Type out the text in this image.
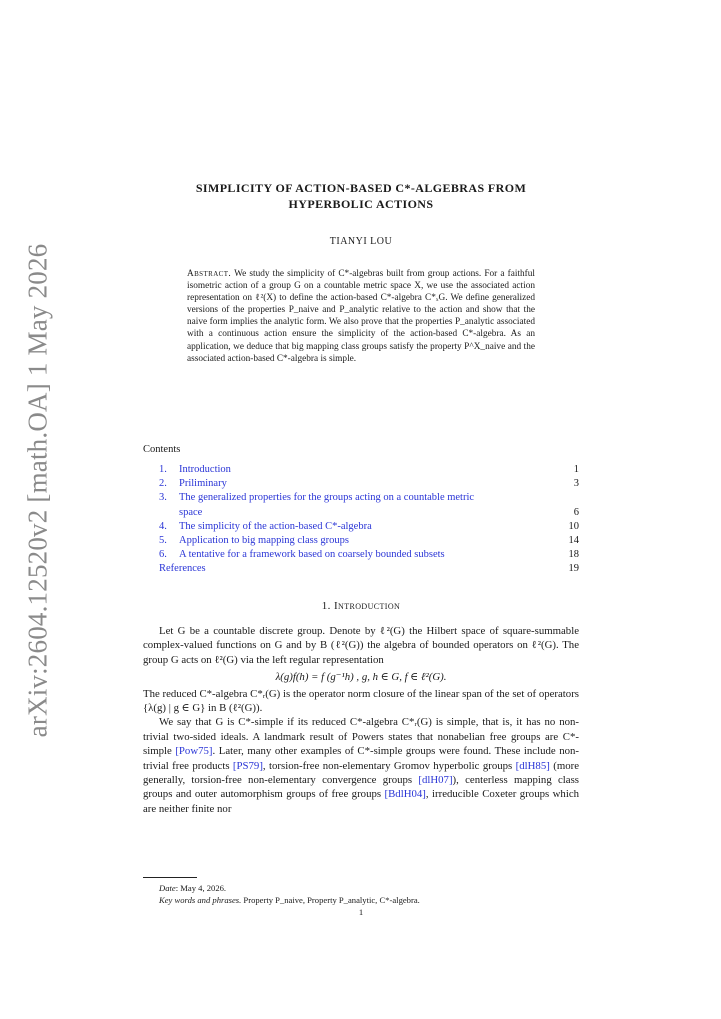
arXiv:2604.12520v2 [math.OA] 1 May 2026
SIMPLICITY OF ACTION-BASED C*-ALGEBRAS FROM
HYPERBOLIC ACTIONS
TIANYI LOU
Abstract. We study the simplicity of C*-algebras built from group actions. For a faithful isometric action of a group G on a countable metric space X, we use the associated action representation on ℓ²(X) to define the action-based C*-algebra C*ₓG. We define generalized versions of the properties P_naive and P_analytic relative to the action and show that the naive form implies the analytic form. We also prove that the properties P_analytic associated with a continuous action ensure the simplicity of the action-based C*-algebra. As an application, we deduce that big mapping class groups satisfy the property P^X_naive and the associated action-based C*-algebra is simple.
Contents
1. Introduction	1
2. Priliminary	3
3. The generalized properties for the groups acting on a countable metric
space	6
4. The simplicity of the action-based C*-algebra	10
5. Application to big mapping class groups	14
6. A tentative for a framework based on coarsely bounded subsets	18
References	19
1. Introduction

Let G be a countable discrete group. Denote by ℓ²(G) the Hilbert space of square-summable complex-valued functions on G and by B (ℓ²(G)) the algebra of bounded operators on ℓ²(G). The group G acts on ℓ²(G) via the left regular representation

λ(g)f(h) = f (g⁻¹h) , g, h ∈ G, f ∈ ℓ²(G).

The reduced C*-algebra C*ᵣ(G) is the operator norm closure of the linear span of the set of operators {λ(g) | g ∈ G} in B (ℓ²(G)).

We say that G is C*-simple if its reduced C*-algebra C*ᵣ(G) is simple, that is, it has no non-trivial two-sided ideals. A landmark result of Powers states that nonabelian free groups are C*-simple [Pow75]. Later, many other examples of C*-simple groups were found. These include non-trivial free products [PS79], torsion-free non-elementary Gromov hyperbolic groups [dlH85] (more generally, torsion-free non-elementary convergence groups [dlH07]), centerless mapping class groups and outer automorphism groups of free groups [BdlH04], irreducible Coxeter groups which are neither finite nor

Date: May 4, 2026.
Key words and phrases. Property P_naive, Property P_analytic, C*-algebra.
1
